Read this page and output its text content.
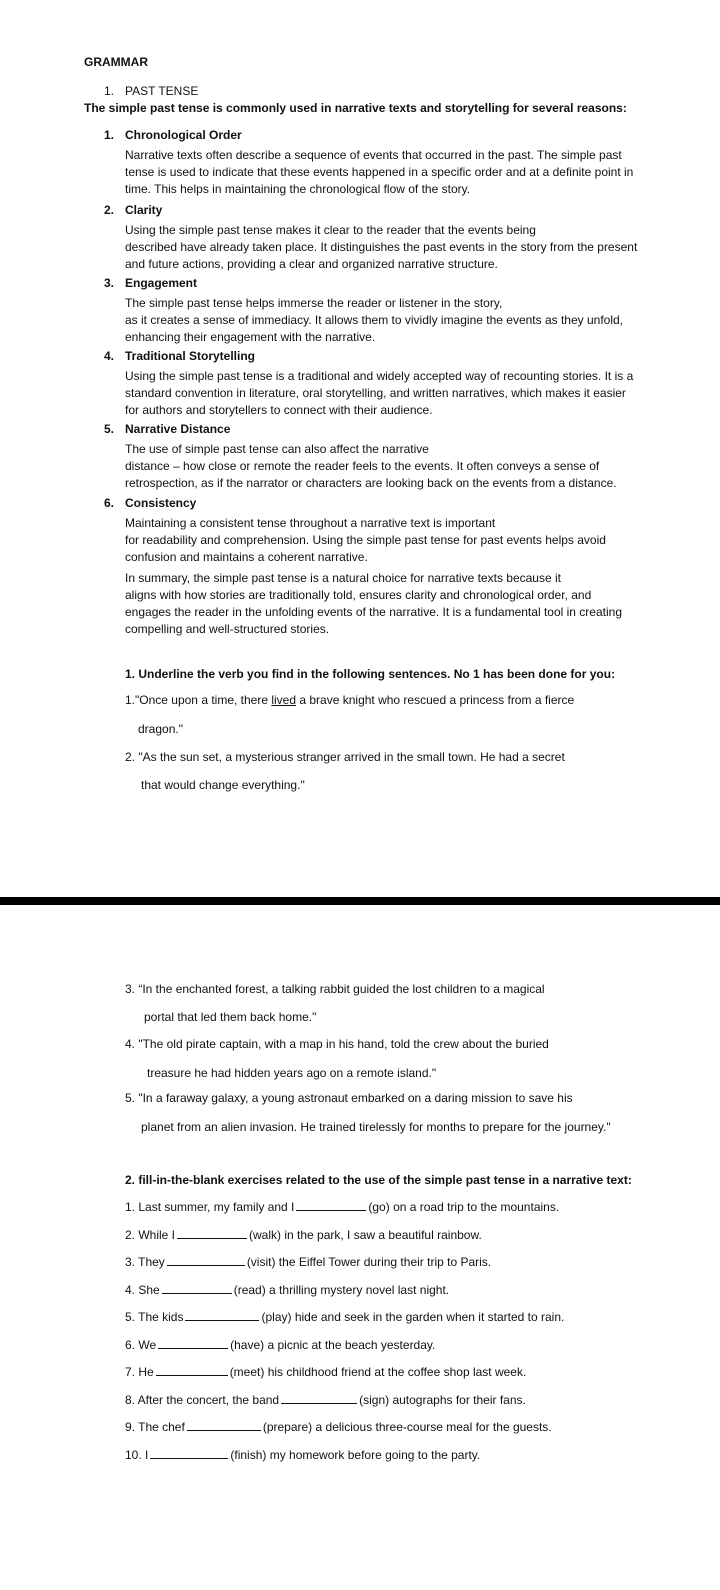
GRAMMAR
1. PAST TENSE
The simple past tense is commonly used in narrative texts and storytelling for several reasons:
1. Chronological Order
Narrative texts often describe a sequence of events that occurred in the past. The simple past
tense is used to indicate that these events happened in a specific order and at a definite point in
time. This helps in maintaining the chronological flow of the story.
2. Clarity
Using the simple past tense makes it clear to the reader that the events being
described have already taken place. It distinguishes the past events in the story from the present
and future actions, providing a clear and organized narrative structure.
3. Engagement
The simple past tense helps immerse the reader or listener in the story,
as it creates a sense of immediacy. It allows them to vividly imagine the events as they unfold,
enhancing their engagement with the narrative.
4. Traditional Storytelling
Using the simple past tense is a traditional and widely accepted way of recounting stories. It is a
standard convention in literature, oral storytelling, and written narratives, which makes it easier
for authors and storytellers to connect with their audience.
5. Narrative Distance
The use of simple past tense can also affect the narrative
distance – how close or remote the reader feels to the events. It often conveys a sense of
retrospection, as if the narrator or characters are looking back on the events from a distance.
6. Consistency
Maintaining a consistent tense throughout a narrative text is important
for readability and comprehension. Using the simple past tense for past events helps avoid
confusion and maintains a coherent narrative.
In summary, the simple past tense is a natural choice for narrative texts because it
aligns with how stories are traditionally told, ensures clarity and chronological order, and
engages the reader in the unfolding events of the narrative. It is a fundamental tool in creating
compelling and well-structured stories.
1. Underline the verb you find in the following sentences. No 1 has been done for you:
1."Once upon a time, there lived a brave knight who rescued a princess from a fierce
dragon."
2. "As the sun set, a mysterious stranger arrived in the small town. He had a secret
that would change everything."
3. “In the enchanted forest, a talking rabbit guided the lost children to a magical
portal that led them back home."
4. "The old pirate captain, with a map in his hand, told the crew about the buried
treasure he had hidden years ago on a remote island."
5. "In a faraway galaxy, a young astronaut embarked on a daring mission to save his
planet from an alien invasion. He trained tirelessly for months to prepare for the journey."
2. fill-in-the-blank exercises related to the use of the simple past tense in a narrative text:
1. Last summer, my family and I	(go) on a road trip to the mountains.
2. While I	(walk) in the park, I saw a beautiful rainbow.
3. They	(visit) the Eiffel Tower during their trip to Paris.
4. She	(read) a thrilling mystery novel last night.
5. The kids	(play) hide and seek in the garden when it started to rain.
6. We	(have) a picnic at the beach yesterday.
7. He	(meet) his childhood friend at the coffee shop last week.
8. After the concert, the band	(sign) autographs for their fans.
9. The chef	(prepare) a delicious three-course meal for the guests.
10. I	(finish) my homework before going to the party.
